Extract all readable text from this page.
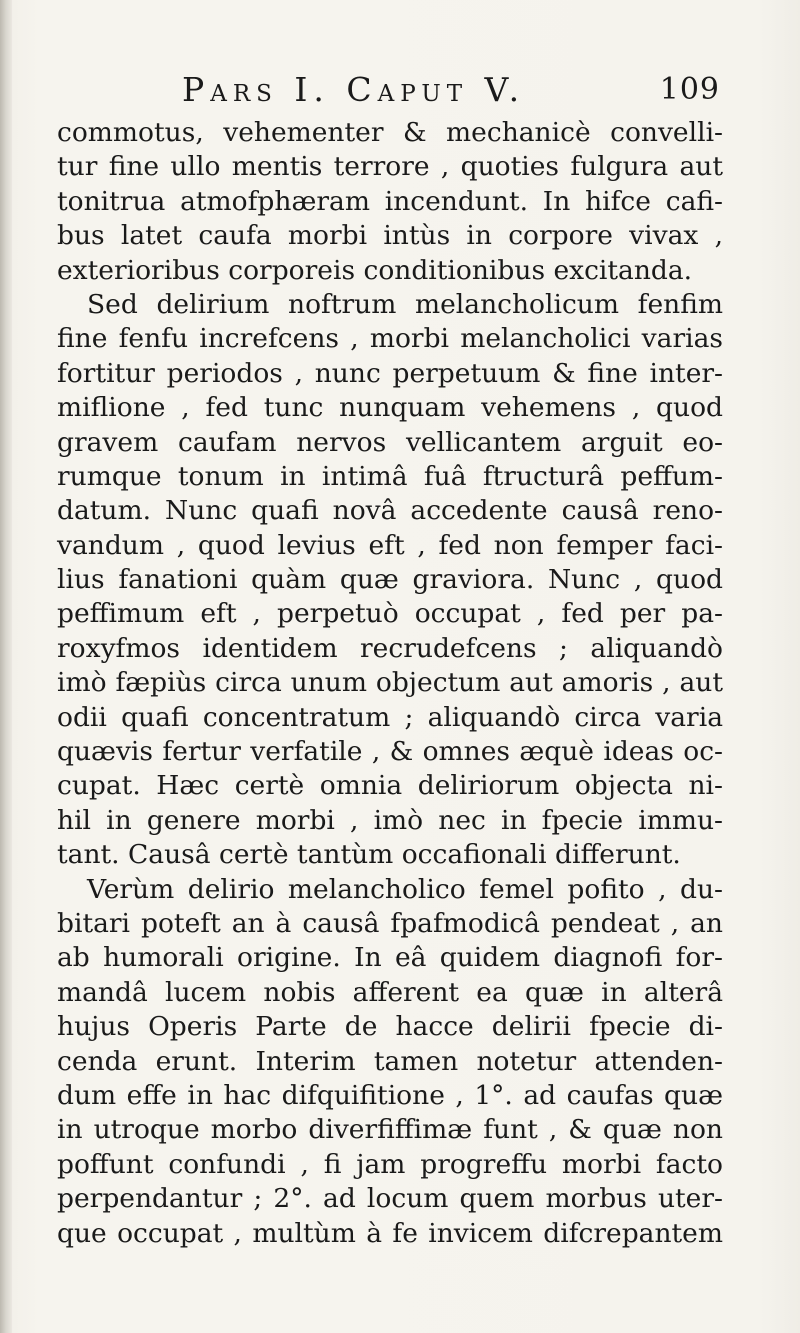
Pars I. Caput V.	109
commotus, vehementer & mechanicè convelli-
tur fine ullo mentis terrore , quoties fulgura aut
tonitrua atmofphæram incendunt. In hifce cafi-
bus latet caufa morbi intùs in corpore vivax ,
exterioribus corporeis conditionibus excitanda.
Sed delirium noftrum melancholicum fenfim
fine fenfu increfcens , morbi melancholici varias
fortitur periodos , nunc perpetuum & fine inter-
miflione , fed tunc nunquam vehemens , quod
gravem caufam nervos vellicantem arguit eo-
rumque tonum in intimâ fuâ ftructurâ peffum-
datum. Nunc quafi novâ accedente causâ reno-
vandum , quod levius eft , fed non femper faci-
lius fanationi quàm quæ graviora. Nunc , quod
peffimum eft , perpetuò occupat , fed per pa-
roxyfmos identidem recrudefcens ; aliquandò
imò fæpiùs circa unum objectum aut amoris , aut
odii quafi concentratum ; aliquandò circa varia
quævis fertur verfatile , & omnes æquè ideas oc-
cupat. Hæc certè omnia deliriorum objecta ni-
hil in genere morbi , imò nec in fpecie immu-
tant. Causâ certè tantùm occafionali differunt.
Verùm delirio melancholico femel pofito , du-
bitari poteft an à causâ fpafmodicâ pendeat , an
ab humorali origine. In eâ quidem diagnofi for-
mandâ lucem nobis afferent ea quæ in alterâ
hujus Operis Parte de hacce delirii fpecie di-
cenda erunt. Interim tamen notetur attenden-
dum effe in hac difquifitione , 1°. ad caufas quæ
in utroque morbo diverfiffimæ funt , & quæ non
poffunt confundi , fi jam progreffu morbi facto
perpendantur ; 2°. ad locum quem morbus uter-
que occupat , multùm à fe invicem difcrepantem
